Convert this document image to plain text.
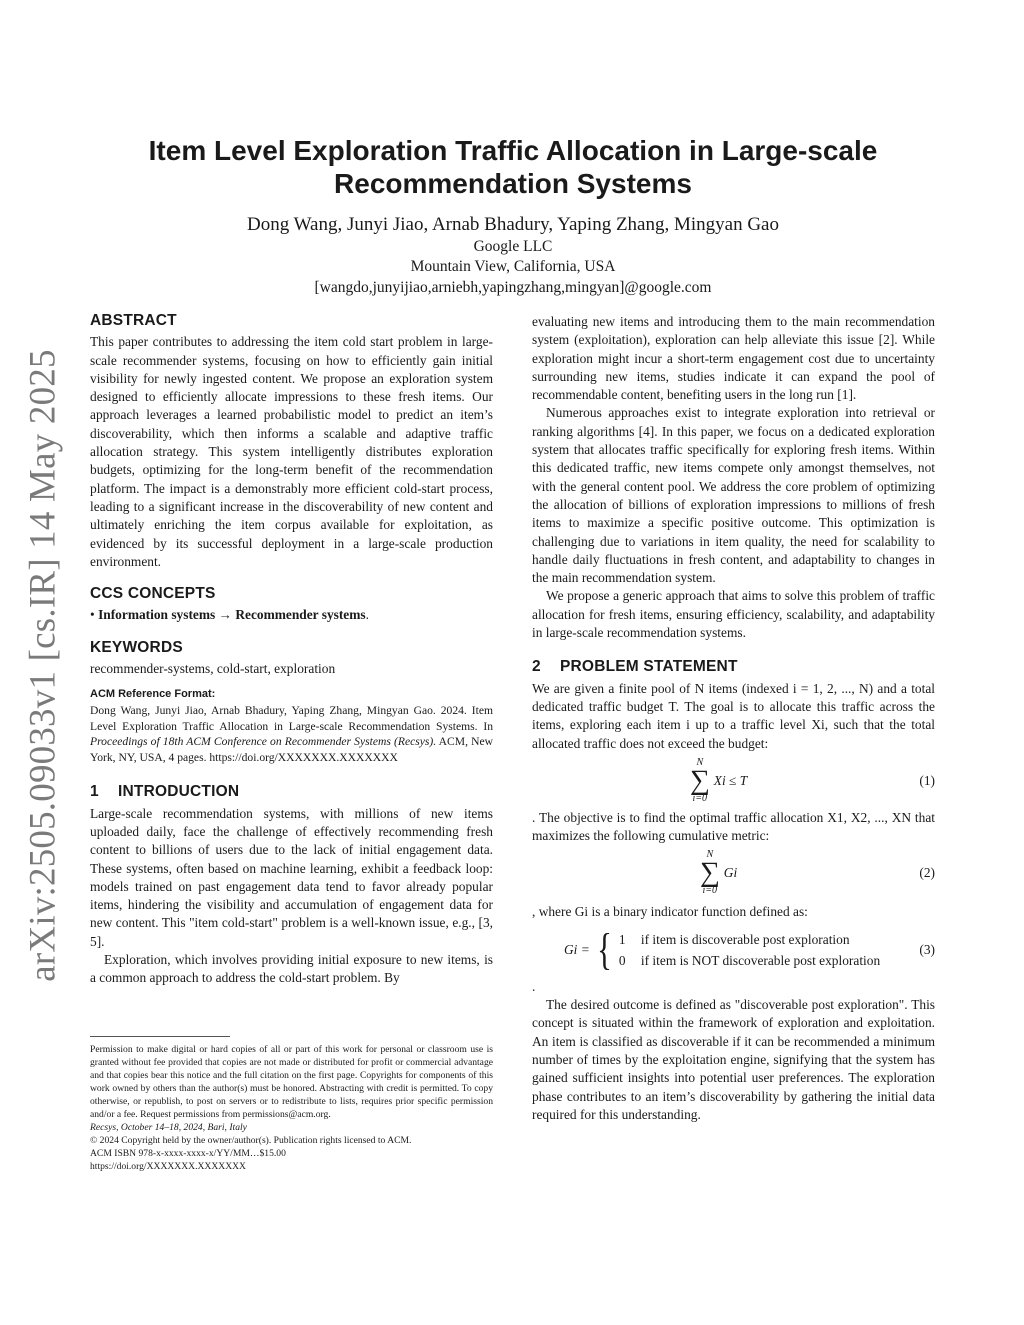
arXiv:2505.09033v1 [cs.IR] 14 May 2025
Item Level Exploration Traffic Allocation in Large-scale
Recommendation Systems
Dong Wang, Junyi Jiao, Arnab Bhadury, Yaping Zhang, Mingyan Gao
Google LLC
Mountain View, California, USA
[wangdo,junyijiao,arniebh,yapingzhang,mingyan]@google.com
ABSTRACT

This paper contributes to addressing the item cold start problem in large-scale recommender systems, focusing on how to efficiently gain initial visibility for newly ingested content. We propose an exploration system designed to efficiently allocate impressions to these fresh items. Our approach leverages a learned probabilistic model to predict an item’s discoverability, which then informs a scalable and adaptive traffic allocation strategy. This system intelligently distributes exploration budgets, optimizing for the long-term benefit of the recommendation platform. The impact is a demonstrably more efficient cold-start process, leading to a significant increase in the discoverability of new content and ultimately enriching the item corpus available for exploitation, as evidenced by its successful deployment in a large-scale production environment.

CCS CONCEPTS

• Information systems → Recommender systems.

KEYWORDS

recommender-systems, cold-start, exploration

ACM Reference Format:

Dong Wang, Junyi Jiao, Arnab Bhadury, Yaping Zhang, Mingyan Gao. 2024. Item Level Exploration Traffic Allocation in Large-scale Recommendation Systems. In Proceedings of 18th ACM Conference on Recommender Systems (Recsys). ACM, New York, NY, USA, 4 pages. https://doi.org/XXXXXXX.XXXXXXX

1 INTRODUCTION

Large-scale recommendation systems, with millions of new items uploaded daily, face the challenge of effectively recommending fresh content to billions of users due to the lack of initial engagement data. These systems, often based on machine learning, exhibit a feedback loop: models trained on past engagement data tend to favor already popular items, hindering the visibility and accumulation of engagement data for new content. This "item cold-start" problem is a well-known issue, e.g., [3, 5].

Exploration, which involves providing initial exposure to new items, is a common approach to address the cold-start problem. By

Permission to make digital or hard copies of all or part of this work for personal or classroom use is granted without fee provided that copies are not made or distributed for profit or commercial advantage and that copies bear this notice and the full citation on the first page. Copyrights for components of this work owned by others than the author(s) must be honored. Abstracting with credit is permitted. To copy otherwise, or republish, to post on servers or to redistribute to lists, requires prior specific permission and/or a fee. Request permissions from permissions@acm.org.

Recsys, October 14–18, 2024, Bari, Italy

© 2024 Copyright held by the owner/author(s). Publication rights licensed to ACM.

ACM ISBN 978-x-xxxx-xxxx-x/YY/MM…$15.00

https://doi.org/XXXXXXX.XXXXXXX

evaluating new items and introducing them to the main recommendation system (exploitation), exploration can help alleviate this issue [2]. While exploration might incur a short-term engagement cost due to uncertainty surrounding new items, studies indicate it can expand the pool of recommendable content, benefiting users in the long run [1].

Numerous approaches exist to integrate exploration into retrieval or ranking algorithms [4]. In this paper, we focus on a dedicated exploration system that allocates traffic specifically for exploring fresh items. Within this dedicated traffic, new items compete only amongst themselves, not with the general content pool. We address the core problem of optimizing the allocation of billions of exploration impressions to millions of fresh items to maximize a specific positive outcome. This optimization is challenging due to variations in item quality, the need for scalability to handle daily fluctuations in fresh content, and adaptability to changes in the main recommendation system.

We propose a generic approach that aims to solve this problem of traffic allocation for fresh items, ensuring efficiency, scalability, and adaptability in large-scale recommendation systems.

2 PROBLEM STATEMENT

We are given a finite pool of N items (indexed i = 1, 2, ..., N) and a total dedicated traffic budget T. The goal is to allocate this traffic across the items, exploring each item i up to a traffic level Xi, such that the total allocated traffic does not exceed the budget:

N
∑
i=0
Xi ≤ T	(1)

. The objective is to find the optimal traffic allocation X1, X2, ..., XN that maximizes the following cumulative metric:

N
∑
i=0
Gi	(2)

, where Gi is a binary indicator function defined as:

Gi = { 1 if item is discoverable post exploration
0 if item is NOT discoverable post exploration
(3)

.

The desired outcome is defined as "discoverable post exploration". This concept is situated within the framework of exploration and exploitation. An item is classified as discoverable if it can be recommended a minimum number of times by the exploitation engine, signifying that the system has gained sufficient insights into potential user preferences. The exploration phase contributes to an item’s discoverability by gathering the initial data required for this understanding.
